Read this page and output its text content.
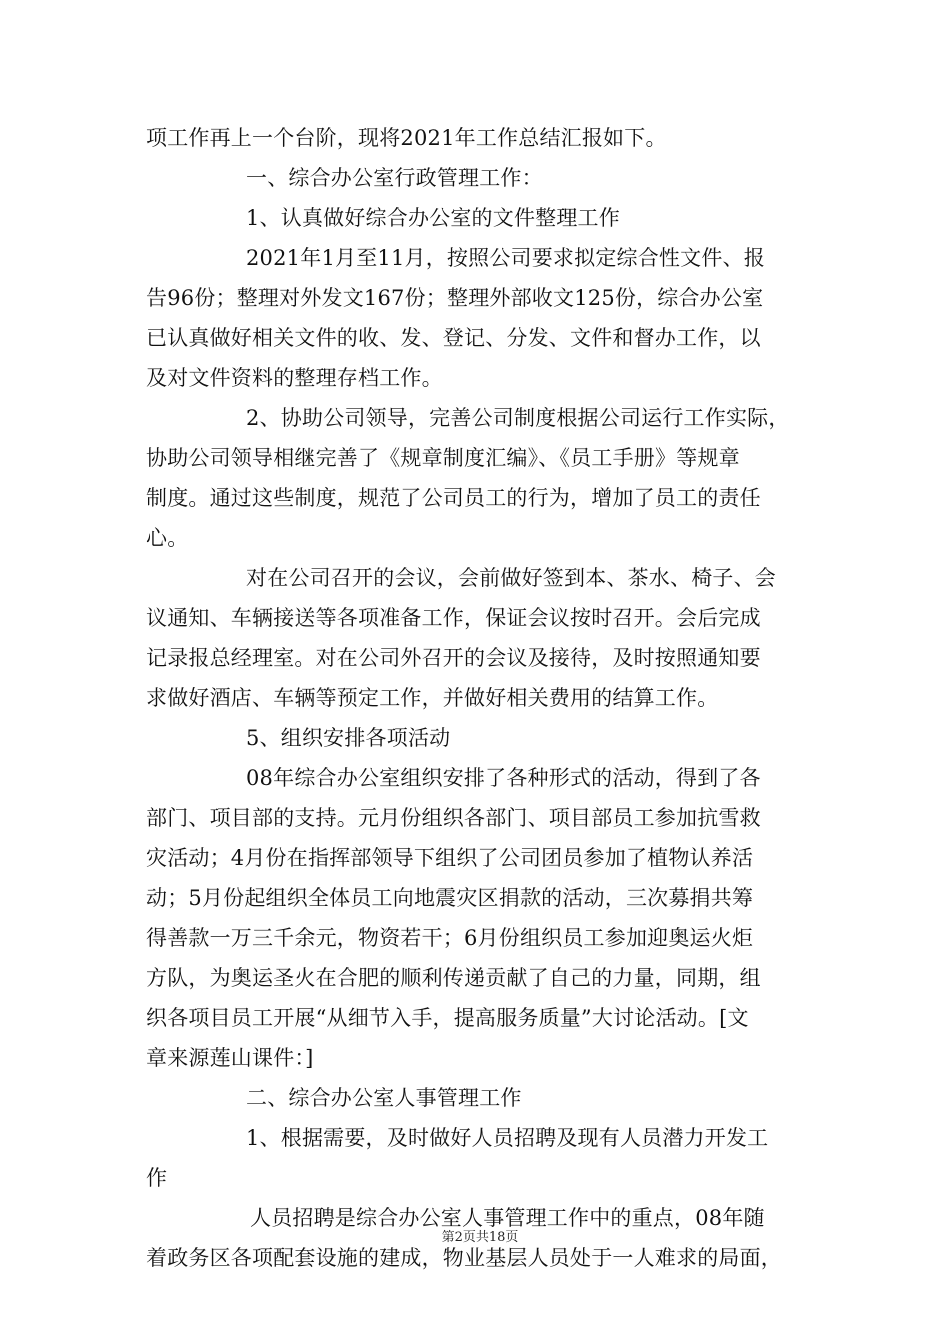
项工作再上一个台阶，现将2021年工作总结汇报如下。
一、综合办公室行政管理工作：
1、认真做好综合办公室的文件整理工作
2021年1月至11月，按照公司要求拟定综合性文件、报
告96份；整理对外发文167份；整理外部收文125份，综合办公室
已认真做好相关文件的收、发、登记、分发、文件和督办工作，以
及对文件资料的整理存档工作。
2、协助公司领导，完善公司制度根据公司运行工作实际，
协助公司领导相继完善了《规章制度汇编》、《员工手册》等规章
制度。通过这些制度，规范了公司员工的行为，增加了员工的责任
心。
对在公司召开的会议，会前做好签到本、茶水、椅子、会
议通知、车辆接送等各项准备工作，保证会议按时召开。会后完成
记录报总经理室。对在公司外召开的会议及接待，及时按照通知要
求做好酒店、车辆等预定工作，并做好相关费用的结算工作。
5、组织安排各项活动
08年综合办公室组织安排了各种形式的活动，得到了各
部门、项目部的支持。元月份组织各部门、项目部员工参加抗雪救
灾活动；4月份在指挥部领导下组织了公司团员参加了植物认养活
动；5月份起组织全体员工向地震灾区捐款的活动，三次募捐共筹
得善款一万三千余元，物资若干；6月份组织员工参加迎奥运火炬
方队，为奥运圣火在合肥的顺利传递贡献了自己的力量，同期，组
织各项目员工开展“从细节入手，提高服务质量”大讨论活动。[文
章来源莲山课件：]
二、综合办公室人事管理工作
1、根据需要，及时做好人员招聘及现有人员潜力开发工
作
人员招聘是综合办公室人事管理工作中的重点，08年随
着政务区各项配套设施的建成，物业基层人员处于一人难求的局面，
第2页共18页
